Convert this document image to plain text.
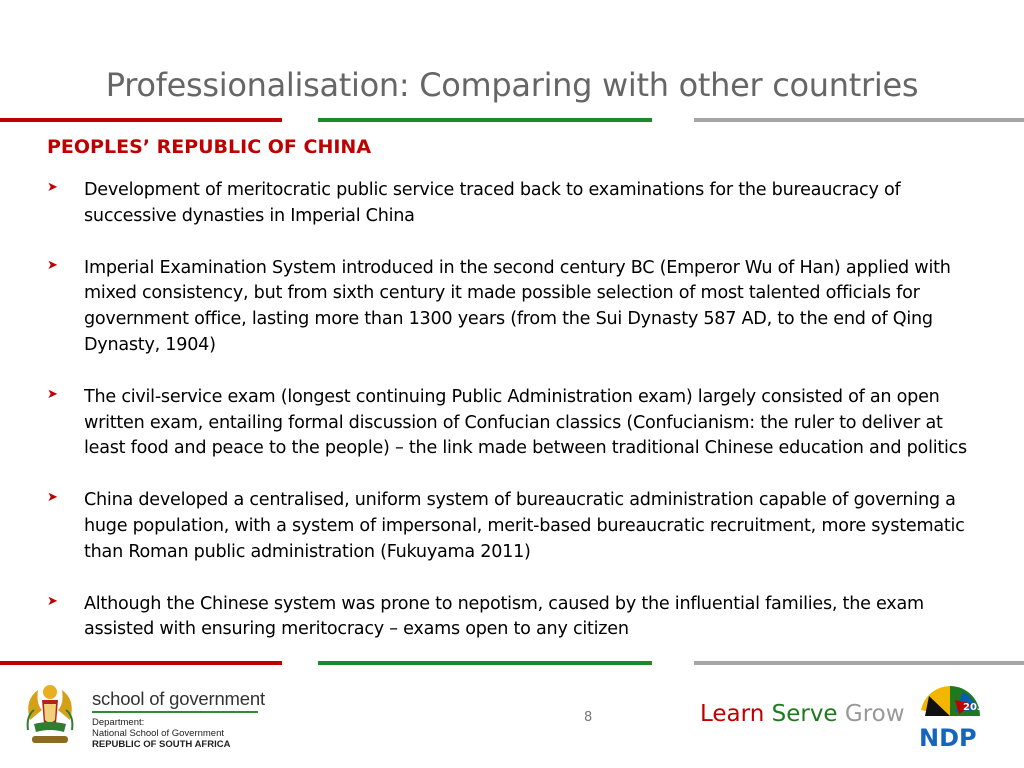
Professionalisation: Comparing with other countries
PEOPLES’ REPUBLIC OF CHINA
➤ Development of meritocratic public service traced back to examinations for the bureaucracy of successive dynasties in Imperial China
➤ Imperial Examination System introduced in the second century BC (Emperor Wu of Han) applied with mixed consistency, but from sixth century it made possible selection of most talented officials for government office, lasting more than 1300 years (from the Sui Dynasty 587 AD, to the end of Qing Dynasty, 1904)
➤ The civil-service exam (longest continuing Public Administration exam) largely consisted of an open written exam, entailing formal discussion of Confucian classics (Confucianism: the ruler to deliver at least food and peace to the people) – the link made between traditional Chinese education and politics
➤ China developed a centralised, uniform system of bureaucratic administration capable of governing a huge population, with a system of impersonal, merit-based bureaucratic recruitment, more systematic than Roman public administration (Fukuyama 2011)
➤ Although the Chinese system was prone to nepotism, caused by the influential families, the exam assisted with ensuring meritocracy – exams open to any citizen
school of government
Department:
National School of Government
REPUBLIC OF SOUTH AFRICA
8	Learn Serve Grow	2030
NDP
